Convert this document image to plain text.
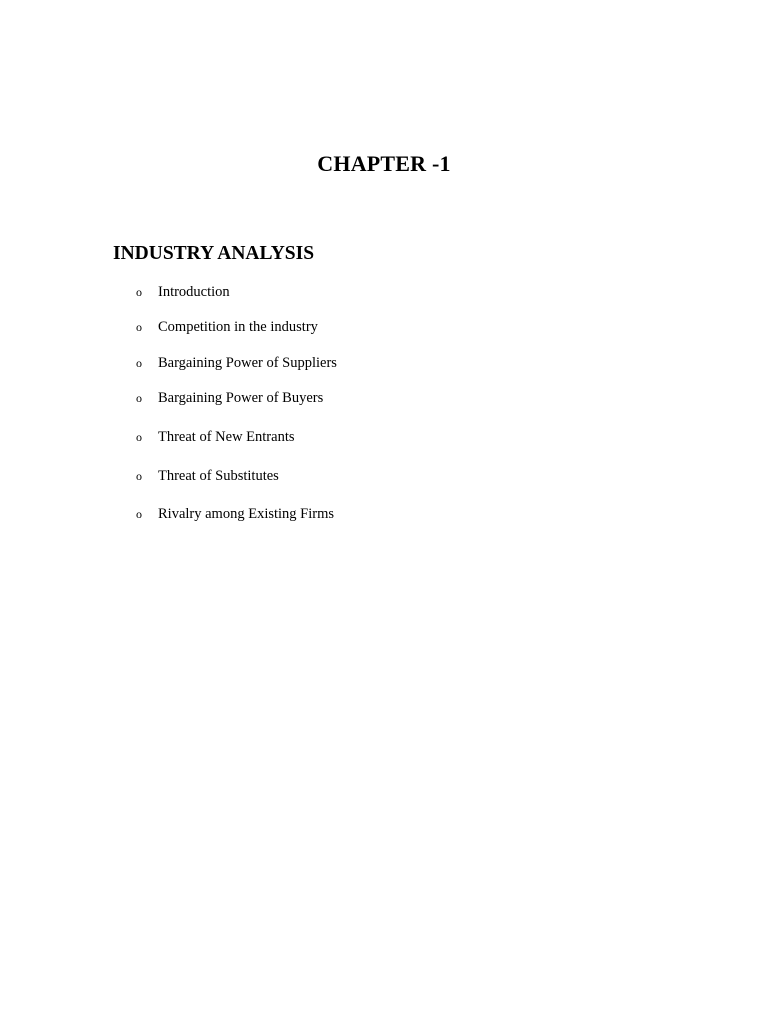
CHAPTER -1
INDUSTRY ANALYSIS
o Introduction
o Competition in the industry
o Bargaining Power of Suppliers
o Bargaining Power of Buyers
o Threat of New Entrants
o Threat of Substitutes
o Rivalry among Existing Firms
